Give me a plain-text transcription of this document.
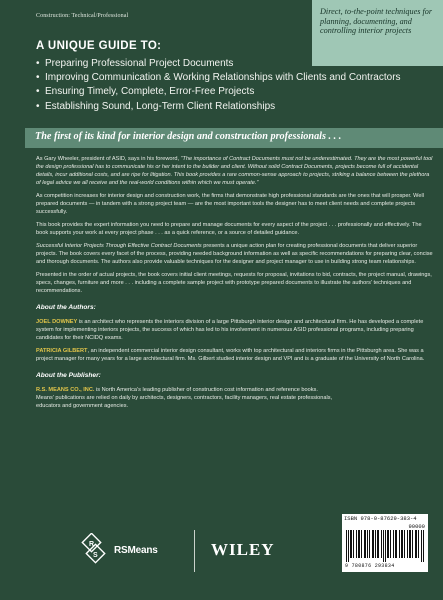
Construction: Technical/Professional	Direct, to-the-point techniques for planning, documenting, and controlling interior projects

A UNIQUE GUIDE TO:
• Preparing Professional Project Documents
• Improving Communication & Working Relationships with Clients and Contractors
• Ensuring Timely, Complete, Error-Free Projects
• Establishing Sound, Long-Term Client Relationships
The first of its kind for interior design and construction professionals . . .

As Gary Wheeler, president of ASID, says in his foreword, “The importance of Contract Documents must not be underestimated. They are the most powerful tool the design professional has to communicate his or her intent to the builder and client. Without solid Contract Documents, projects become full of accidental details, incur additional costs, and are ripe for litigation. This book provides a rare common-sense approach to projects, striking a balance between the plethora of legal advice we all receive and the real-world conditions within which we must operate.”

As competition increases for interior design and construction work, the firms that demonstrate high professional standards are the ones that will prosper. Well prepared documents — in tandem with a strong project team — are the most important tools the designer has to meet client needs and complete projects successfully.

This book provides the expert information you need to prepare and manage documents for every aspect of the project . . . professionally and effectively. The book supports your work at every project phase . . . as a quick reference, or a source of detailed guidance.

Successful Interior Projects Through Effective Contract Documents presents a unique action plan for creating professional documents that deliver superior projects. The book covers every facet of the process, providing needed background information as well as specific recommendations for preparing clear, concise and thorough documents. The authors also provide valuable techniques for the designer and project manager to use in building strong team relationships.

Presented in the order of actual projects, the book covers initial client meetings, requests for proposal, invitations to bid, contracts, the project manual, drawings, specs, changes, furniture and more . . . including a complete sample project with prototype prepared documents to illustrate the authors’ techniques and recommendations.

About the Authors:

JOEL DOWNEY is an architect who represents the interiors division of a large Pittsburgh interior design and architectural firm. He has developed a complete system for implementing interiors projects, the success of which has led to his involvement in numerous ASID professional programs, including preparing candidates for their NCIDQ exams.

PATRICIA GILBERT, an independent commercial interior design consultant, works with top architectural and interiors firms in the Pittsburgh area. She was a project manager for many years for a large architectural firm. Ms. Gilbert studied interior design and VPI and is a graduate of the University of North Carolina.

About the Publisher:

R.S. MEANS CO., INC. is North America’s leading publisher of construction cost information and reference books. Means’ publications are relied on daily by architects, designers, contractors, facility managers, real estate professionals, educators and government agencies.

ISBN 978-0-87629-383-4
90000
9 780876 293834
R
S RSMeans	WILEY
